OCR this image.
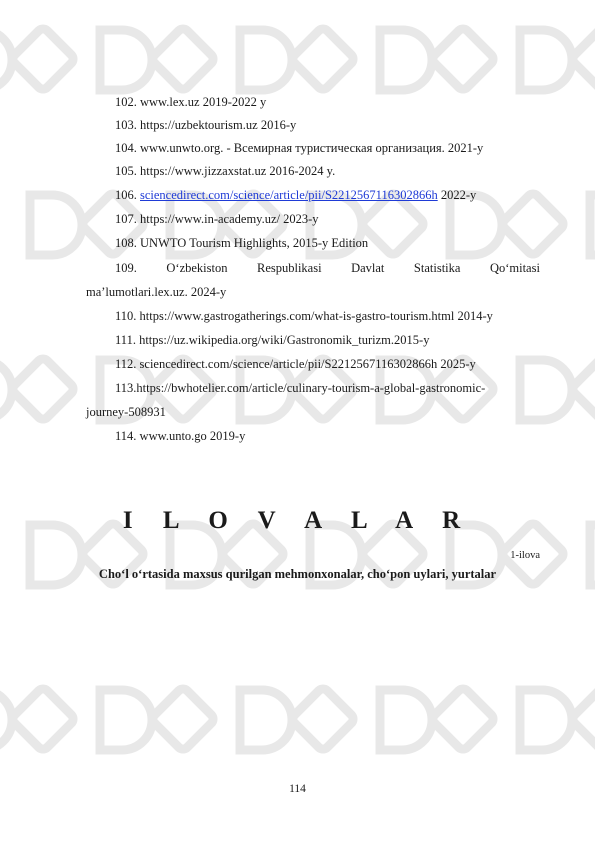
102. www.lex.uz 2019-2022 y
103. https://uzbektourism.uz 2016-y
104. www.unwto.org. - Всемирная туристическая организация. 2021-y
105. https://www.jizzaxstat.uz 2016-2024 y.
106. sciencedirect.com/science/article/pii/S2212567116302866h 2022-y
107. https://www.in-academy.uz/ 2023-y
108. UNWTO Tourism Highlights, 2015-y Edition
109. O‘zbekiston Respublikasi Davlat Statistika Qo‘mitasi
ma’lumotlari.lex.uz. 2024-y
110. https://www.gastrogatherings.com/what-is-gastro-tourism.html 2014-y
111. https://uz.wikipedia.org/wiki/Gastronomik_turizm.2015-y
112. sciencedirect.com/science/article/pii/S2212567116302866h 2025-y
113.https://bwhotelier.com/article/culinary-tourism-a-global-gastronomic-
journey-508931
114. www.unto.go 2019-y
I L O V A L A R
1-ilova
Cho‘l o‘rtasida maxsus qurilgan mehmonxonalar, cho‘pon uylari, yurtalar
114
